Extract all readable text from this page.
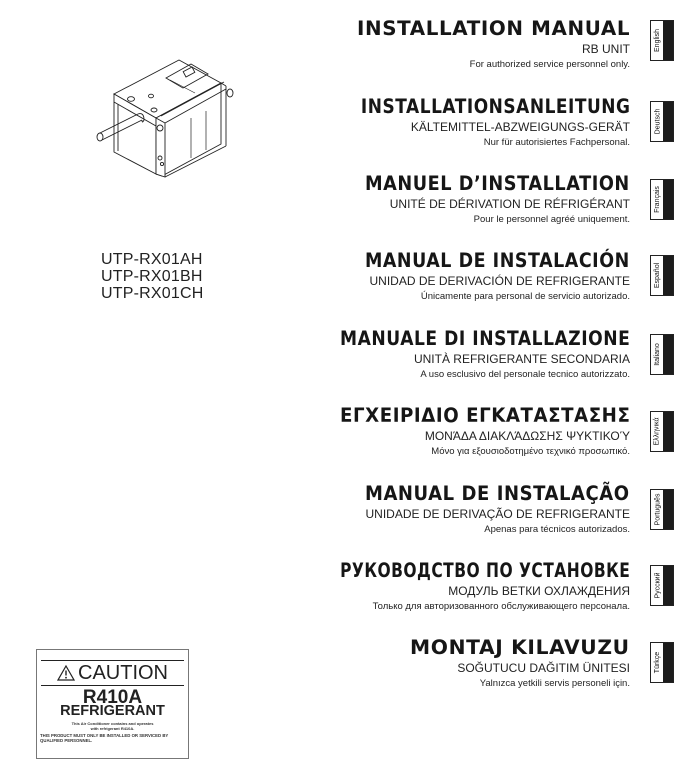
UTP-RX01AH
UTP-RX01BH
UTP-RX01CH
INSTALLATION MANUAL
RB UNIT
For authorized service personnel only.
INSTALLATIONSANLEITUNG
KÄLTEMITTEL-ABZWEIGUNGS-GERÄT
Nur für autorisiertes Fachpersonal.
MANUEL D’INSTALLATION
UNITÉ DE DÉRIVATION DE RÉFRIGÉRANT
Pour le personnel agréé uniquement.
MANUAL DE INSTALACIÓN
UNIDAD DE DERIVACIÓN DE REFRIGERANTE
Únicamente para personal de servicio autorizado.
MANUALE DI INSTALLAZIONE
UNITÀ REFRIGERANTE SECONDARIA
A uso esclusivo del personale tecnico autorizzato.
ΕΓΧΕΙΡΙΔΙΟ ΕΓΚΑΤΑΣΤΑΣΗΣ
ΜΟΝΆΔΑ ΔΙΑΚΛΆΔΩΣΗΣ ΨΥΚΤΙΚΟΎ
Μόνο για εξουσιοδοτημένο τεχνικό προσωπικό.
MANUAL DE INSTALAÇÃO
UNIDADE DE DERIVAÇÃO DE REFRIGERANTE
Apenas para técnicos autorizados.
РУКОВОДСТВО ПО УСТАНОВКЕ
МОДУЛЬ ВЕТКИ ОХЛАЖДЕНИЯ
Только для авторизованного обслуживающего персонала.
MONTAJ KILAVUZU
SOĞUTUCU DAĞITIM ÜNITESI
Yalnızca yetkili servis personeli için.
English
Deutsch
Français
Español
Italiano
Ελληνικά
Português
Русский
Türkçe
CAUTION
R410A
REFRIGERANT
This Air Conditioner contains and operates
with refrigerant R410A.
THIS PRODUCT MUST ONLY BE INSTALLED OR SERVICED BY QUALIFIED PERSONNEL.
